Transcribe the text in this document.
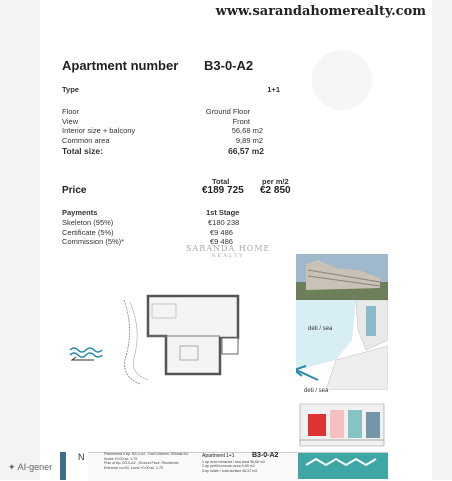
www.sarandahomerealty.com
Apartment number B3-0-A2
Type	1+1
Floor	Ground Floor
View	Front
Interior size + balcony	56,68 m2
Common area	9,89 m2
Total size:	66,57 m2
Total	per m/2
Price	€189 725 €2 850
Payments	1st Stage
Skeleton (95%)	€180 238
Certificate (5%)	€9 486
Commission (5%)*	€9 486
SARANDA HOME
REALTY
deti / sea
deti / sea
N	Planimetria e Ap. B3-0-A2 , Kati 0,Banim, Shkalla B3, Kuota +0.00 sh. 1:75
Plan of Ap. B3-0-A2 , Ground Floor, Residence, Entrance no.B3, Level +0.00 sc. 1:75
Apartment 1+1	B3-0-A2
1.ap neto+veranda / sea area 56,68 m2
2.ap perfil/common area 9,89 m2
3.ap totale / total surface 66,57 m2
✦ AI-gener
